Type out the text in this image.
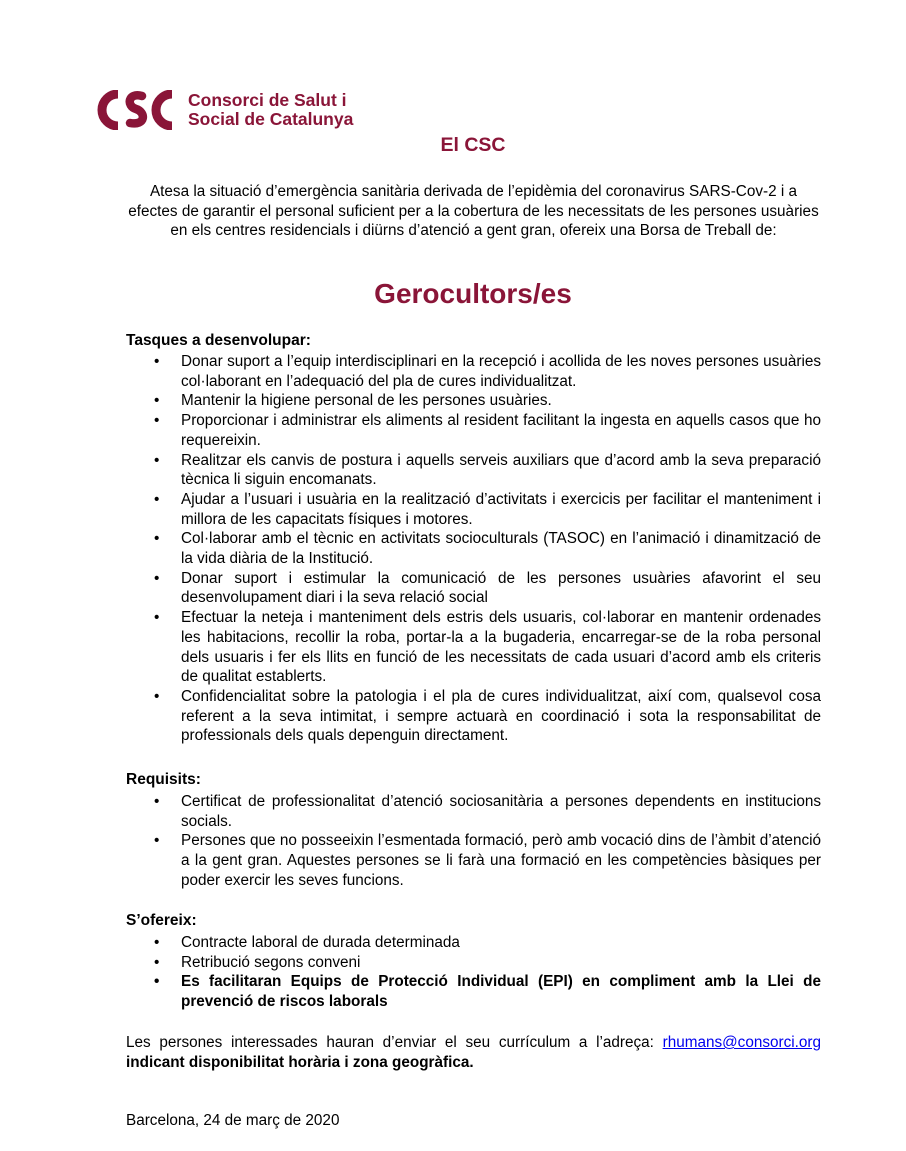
Consorci de Salut i
Social de Catalunya
El CSC
Atesa la situació d’emergència sanitària derivada de l’epidèmia del coronavirus SARS-Cov-2 i a efectes de garantir el personal suficient per a la cobertura de les necessitats de les persones usuàries en els centres residencials i diürns d’atenció a gent gran, ofereix una Borsa de Treball de:
Gerocultors/es
Tasques a desenvolupar:
• Donar suport a l’equip interdisciplinari en la recepció i acollida de les noves persones usuàries col·laborant en l’adequació del pla de cures individualitzat.
• Mantenir la higiene personal de les persones usuàries.
• Proporcionar i administrar els aliments al resident facilitant la ingesta en aquells casos que ho requereixin.
• Realitzar els canvis de postura i aquells serveis auxiliars que d’acord amb la seva preparació tècnica li siguin encomanats.
• Ajudar a l’usuari i usuària en la realització d’activitats i exercicis per facilitar el manteniment i millora de les capacitats físiques i motores.
• Col·laborar amb el tècnic en activitats socioculturals (TASOC) en l’animació i dinamització de la vida diària de la Institució.
• Donar suport i estimular la comunicació de les persones usuàries afavorint el seu desenvolupament diari i la seva relació social
• Efectuar la neteja i manteniment dels estris dels usuaris, col·laborar en mantenir ordenades les habitacions, recollir la roba, portar-la a la bugaderia, encarregar-se de la roba personal dels usuaris i fer els llits en funció de les necessitats de cada usuari d’acord amb els criteris de qualitat establerts.
• Confidencialitat sobre la patologia i el pla de cures individualitzat, així com, qualsevol cosa referent a la seva intimitat, i sempre actuarà en coordinació i sota la responsabilitat de professionals dels quals depenguin directament.
Requisits:
• Certificat de professionalitat d’atenció sociosanitària a persones dependents en institucions socials.
• Persones que no posseeixin l’esmentada formació, però amb vocació dins de l’àmbit d’atenció a la gent gran. Aquestes persones se li farà una formació en les competències bàsiques per poder exercir les seves funcions.
S’ofereix:
• Contracte laboral de durada determinada
• Retribució segons conveni
• Es facilitaran Equips de Protecció Individual (EPI) en compliment amb la Llei de prevenció de riscos laborals
Les persones interessades hauran d’enviar el seu currículum a l’adreça: rhumans@consorci.org indicant disponibilitat horària i zona geogràfica.
Barcelona, 24 de març de 2020
